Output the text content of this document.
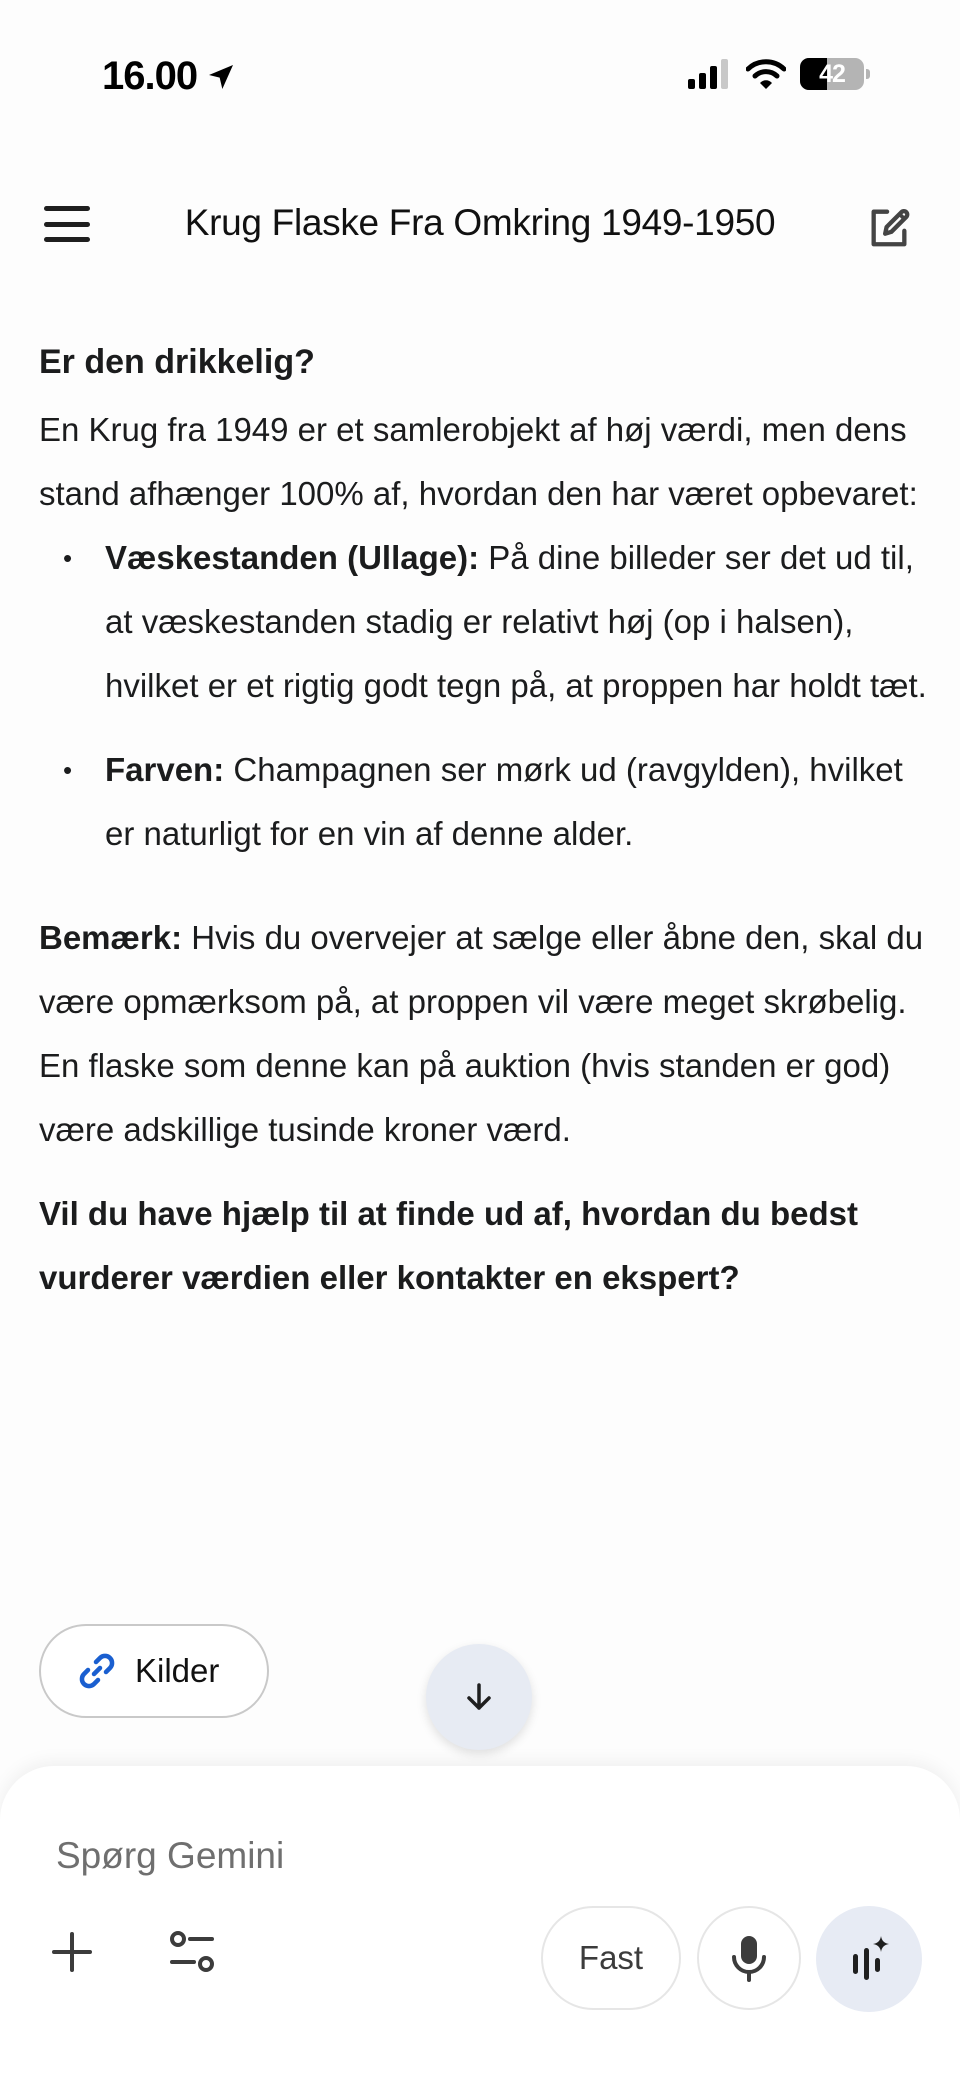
16.00	42
Krug Flaske Fra Omkring 1949-1950
Er den drikkelig?

En Krug fra 1949 er et samlerobjekt af høj værdi, men dens stand afhænger 100% af, hvordan den har været opbevaret:

• Væskestanden (Ullage): På dine billeder ser det ud til, at væskestanden stadig er relativt høj (op i halsen), hvilket er et rigtig godt tegn på, at proppen har holdt tæt.
• Farven: Champagnen ser mørk ud (ravgylden), hvilket er naturligt for en vin af denne alder.

Bemærk: Hvis du overvejer at sælge eller åbne den, skal du være opmærksom på, at proppen vil være meget skrøbelig. En flaske som denne kan på auktion (hvis standen er god) være adskillige tusinde kroner værd.

Vil du have hjælp til at finde ud af, hvordan du bedst vurderer værdien eller kontakter en ekspert?

Kilder
Spørg Gemini
Fast
